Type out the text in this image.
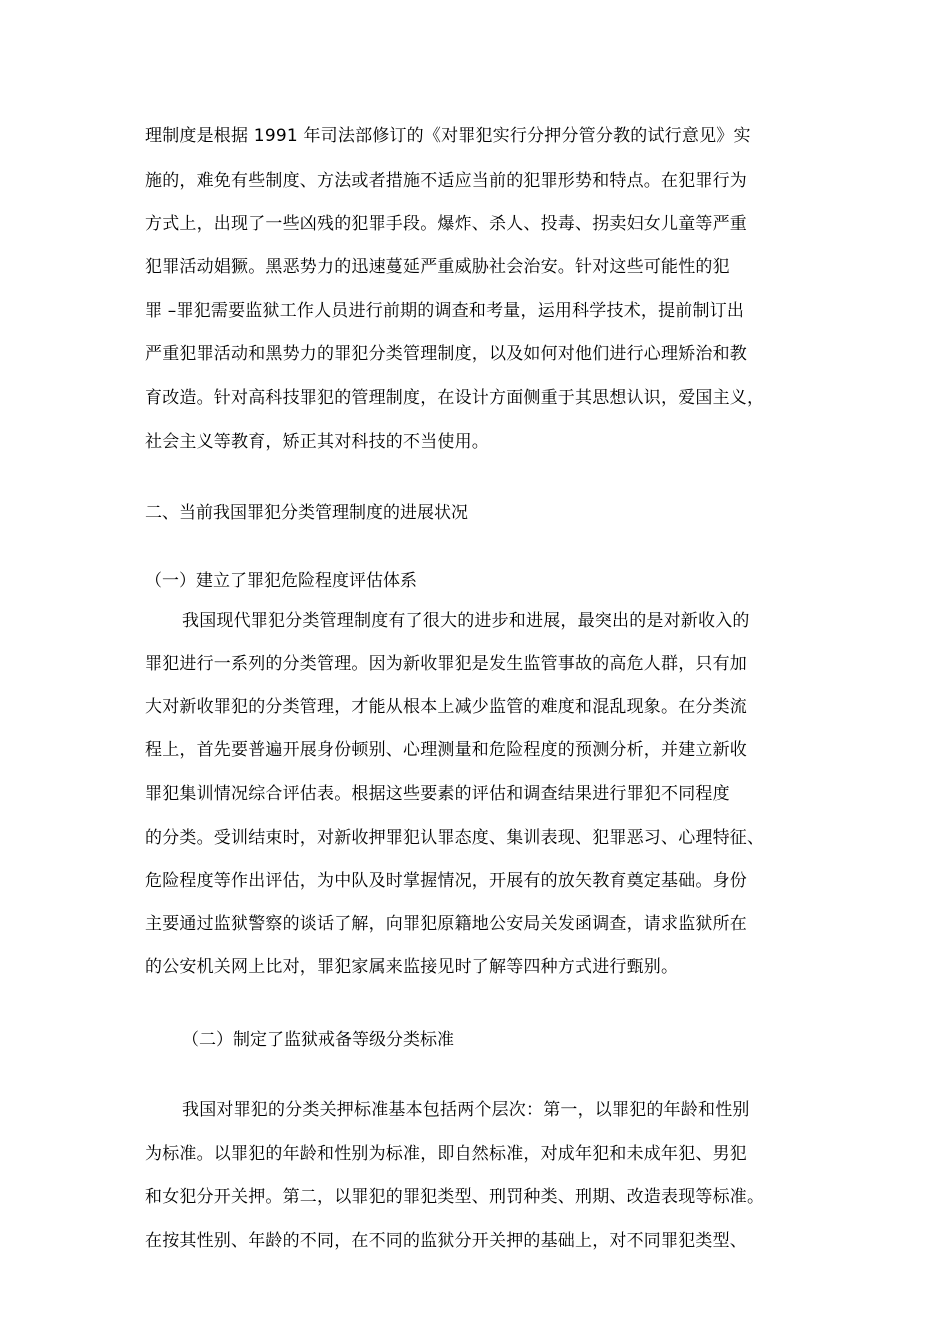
理制度是根据 1991 年司法部修订的《对罪犯实行分押分管分教的试行意见》实

施的，难免有些制度、方法或者措施不适应当前的犯罪形势和特点。在犯罪行为

方式上，出现了一些凶残的犯罪手段。爆炸、杀人、投毒、拐卖妇女儿童等严重

犯罪活动娼獗。黑恶势力的迅速蔓延严重威胁社会治安。针对这些可能性的犯

罪 –罪犯需要监狱工作人员进行前期的调查和考量，运用科学技术，提前制订出

严重犯罪活动和黑势力的罪犯分类管理制度，以及如何对他们进行心理矫治和教

育改造。针对高科技罪犯的管理制度，在设计方面侧重于其思想认识，爱国主义，

社会主义等教育，矫正其对科技的不当使用。

二、当前我国罪犯分类管理制度的进展状况
（一）建立了罪犯危险程度评估体系

我国现代罪犯分类管理制度有了很大的进步和进展，最突出的是对新收入的

罪犯进行一系列的分类管理。因为新收罪犯是发生监管事故的高危人群，只有加

大对新收罪犯的分类管理，才能从根本上减少监管的难度和混乱现象。在分类流

程上，首先要普遍开展身份顿别、心理测量和危险程度的预测分析，并建立新收

罪犯集训情况综合评估表。根据这些要素的评估和调查结果进行罪犯不同程度

的分类。受训结束时，对新收押罪犯认罪态度、集训表现、犯罪恶习、心理特征、

危险程度等作出评估，为中队及时掌握情况，开展有的放矢教育奠定基础。身份

主要通过监狱警察的谈话了解，向罪犯原籍地公安局关发函调查，请求监狱所在

的公安机关网上比对，罪犯家属来监接见时了解等四种方式进行甄别。

（二）制定了监狱戒备等级分类标准

我国对罪犯的分类关押标准基本包括两个层次：第一，以罪犯的年龄和性别

为标准。以罪犯的年龄和性别为标准，即自然标准，对成年犯和未成年犯、男犯

和女犯分开关押。第二，以罪犯的罪犯类型、刑罚种类、刑期、改造表现等标准。

在按其性别、年龄的不同，在不同的监狱分开关押的基础上，对不同罪犯类型、
